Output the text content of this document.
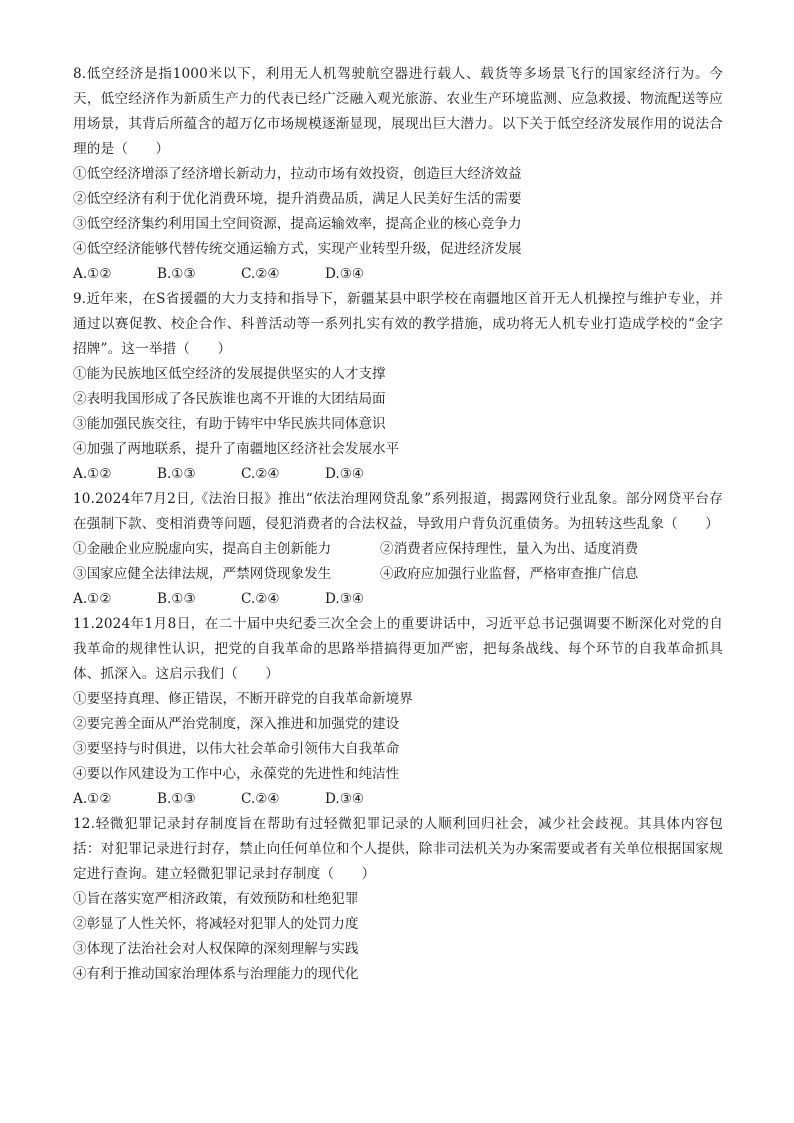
8.低空经济是指1000米以下，利用无人机驾驶航空器进行载人、载货等多场景飞行的国家经济行为。今天，低空经济作为新质生产力的代表已经广泛融入观光旅游、农业生产环境监测、应急救援、物流配送等应用场景，其背后所蕴含的超万亿市场规模逐渐显现，展现出巨大潜力。以下关于低空经济发展作用的说法合理的是（　　）

①低空经济增添了经济增长新动力，拉动市场有效投资，创造巨大经济效益

②低空经济有利于优化消费环境，提升消费品质，满足人民美好生活的需要

③低空经济集约利用国土空间资源，提高运输效率，提高企业的核心竞争力

④低空经济能够代替传统交通运输方式，实现产业转型升级，促进经济发展

A.①②	B.①③	C.②④	D.③④

9.近年来，在S省援疆的大力支持和指导下，新疆某县中职学校在南疆地区首开无人机操控与维护专业，并通过以赛促教、校企合作、科普活动等一系列扎实有效的教学措施，成功将无人机专业打造成学校的“金字招牌”。这一举措（　　）

①能为民族地区低空经济的发展提供坚实的人才支撑

②表明我国形成了各民族谁也离不开谁的大团结局面

③能加强民族交往，有助于铸牢中华民族共同体意识

④加强了两地联系，提升了南疆地区经济社会发展水平

A.①②	B.①③	C.②④	D.③④

10.2024年7月2日,《法治日报》推出“依法治理网贷乱象”系列报道，揭露网贷行业乱象。部分网贷平台存在强制下款、变相消费等问题，侵犯消费者的合法权益，导致用户背负沉重债务。为扭转这些乱象（　　）

①金融企业应脱虚向实，提高自主创新能力	②消费者应保持理性，量入为出、适度消费

③国家应健全法律法规，严禁网贷现象发生	④政府应加强行业监督，严格审查推广信息

A.①②	B.①③	C.②④	D.③④

11.2024年1月8日，在二十届中央纪委三次全会上的重要讲话中，习近平总书记强调要不断深化对党的自我革命的规律性认识，把党的自我革命的思路举措搞得更加严密，把每条战线、每个环节的自我革命抓具体、抓深入。这启示我们（　　）

①要坚持真理、修正错误，不断开辟党的自我革命新境界

②要完善全面从严治党制度，深入推进和加强党的建设

③要坚持与时俱进，以伟大社会革命引领伟大自我革命

④要以作风建设为工作中心，永葆党的先进性和纯洁性

A.①②	B.①③	C.②④	D.③④

12.轻微犯罪记录封存制度旨在帮助有过轻微犯罪记录的人顺利回归社会，减少社会歧视。其具体内容包括：对犯罪记录进行封存，禁止向任何单位和个人提供，除非司法机关为办案需要或者有关单位根据国家规定进行查询。建立轻微犯罪记录封存制度（　　）

①旨在落实宽严相济政策，有效预防和杜绝犯罪

②彰显了人性关怀，将减轻对犯罪人的处罚力度

③体现了法治社会对人权保障的深刻理解与实践

④有利于推动国家治理体系与治理能力的现代化
